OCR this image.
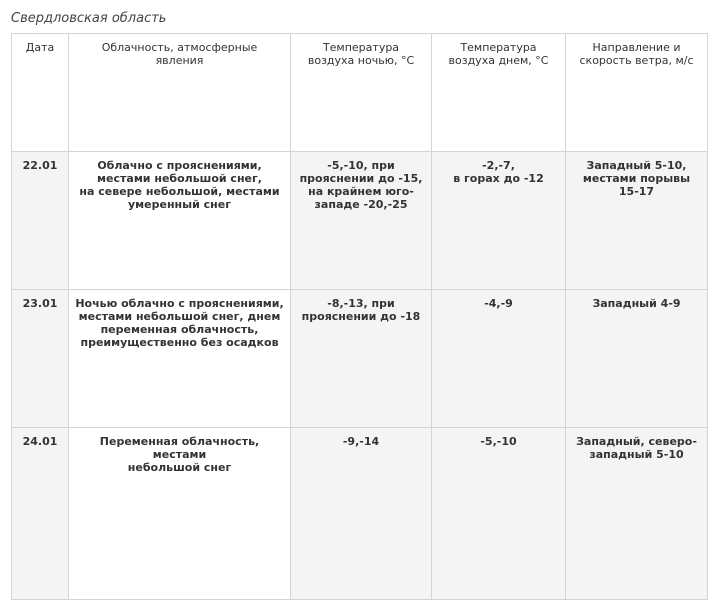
Свердловская область
Дата	Облачность, атмосферные
явления	Температура
воздуха ночью, °C	Температура
воздуха днем, °C	Направление и
скорость ветра, м/с

22.01	Облачно с прояснениями,
местами небольшой снег,
на севере небольшой, местами
умеренный снег	-5,-10, при
прояснении до -15,
на крайнем юго-
западе -20,-25	-2,-7,
в горах до -12	Западный 5-10,
местами порывы
15-17

23.01	Ночью облачно с прояснениями,
местами небольшой снег, днем
переменная облачность,
преимущественно без осадков	-8,-13, при
прояснении до -18	-4,-9	Западный 4-9

24.01	Переменная облачность, местами
небольшой снег	-9,-14	-5,-10	Западный, северо-
западный 5-10
